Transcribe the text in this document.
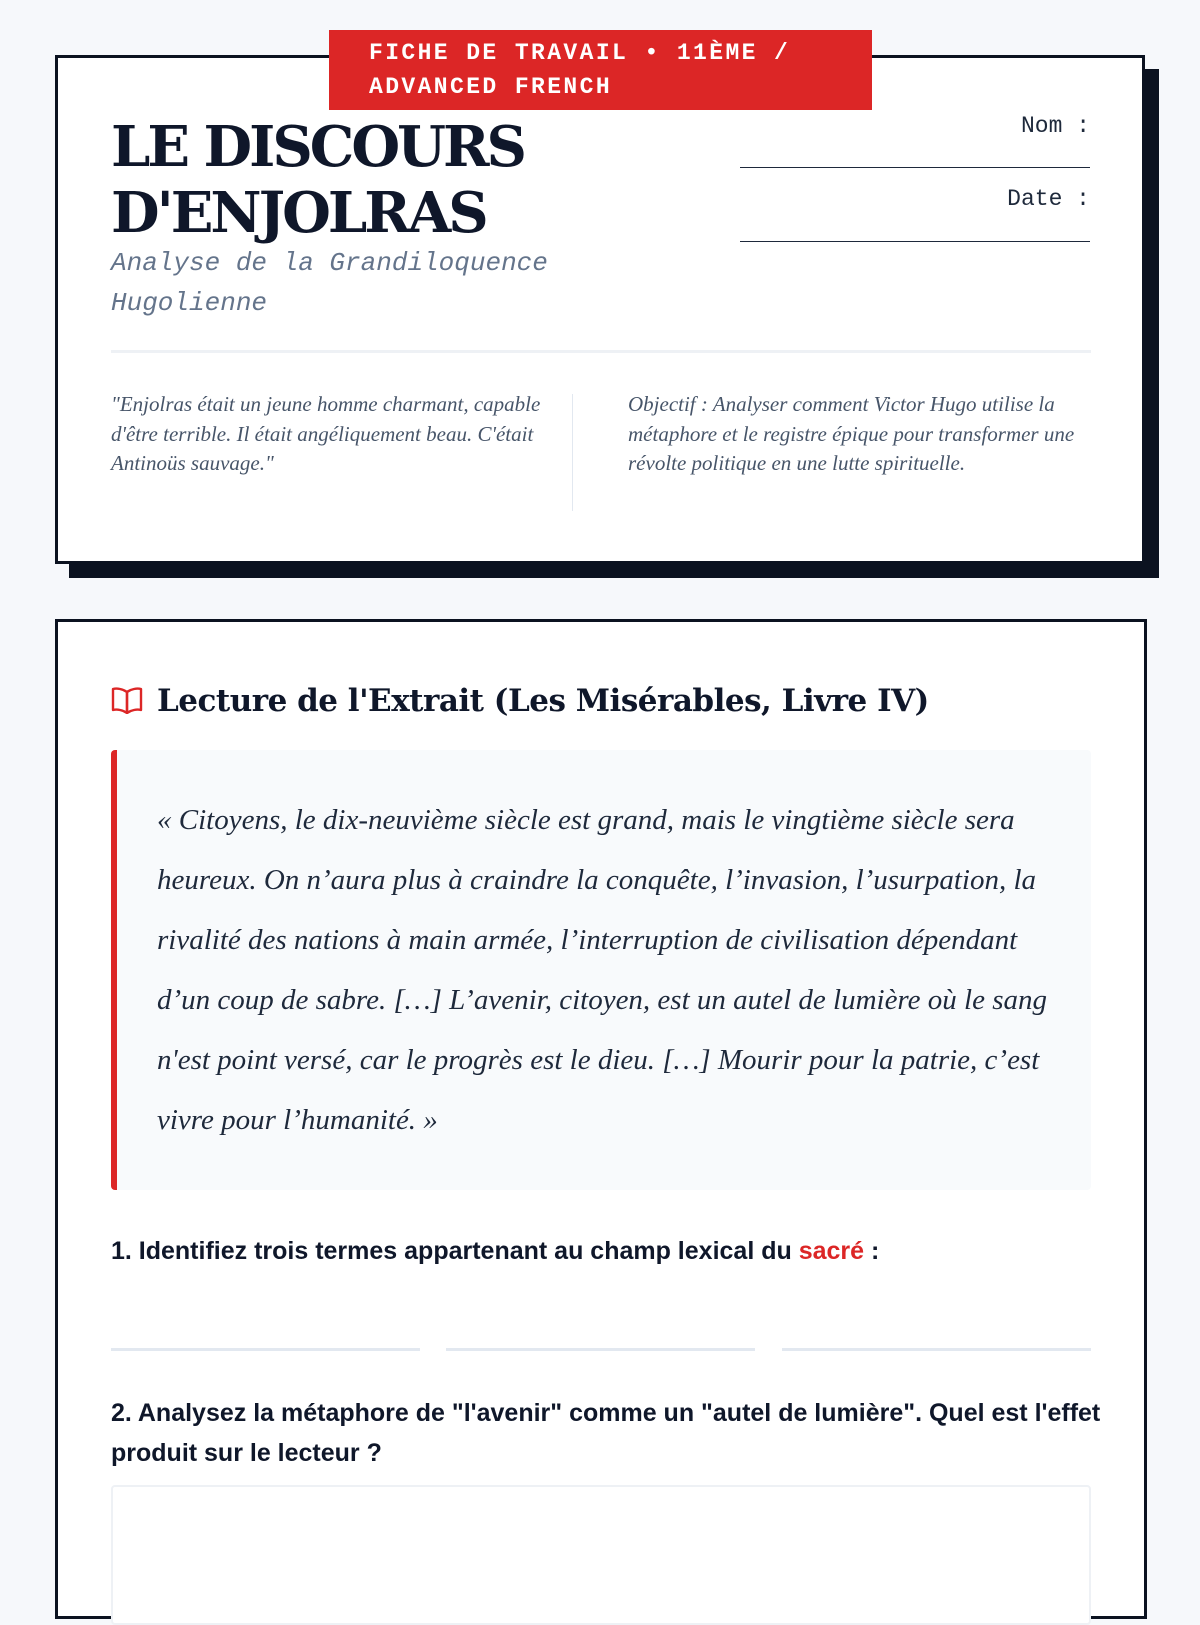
FICHE DE TRAVAIL • 11ÈME / ADVANCED FRENCH
LE DISCOURS D'ENJOLRAS

Analyse de la Grandiloquence Hugolienne

Nom :
Date :

"Enjolras était un jeune homme charmant, capable d'être terrible. Il était angéliquement beau. C'était Antinoüs sauvage."

Objectif : Analyser comment Victor Hugo utilise la métaphore et le registre épique pour transformer une révolte politique en une lutte spirituelle.

Lecture de l'Extrait (Les Misérables, Livre IV)

« Citoyens, le dix-neuvième siècle est grand, mais le vingtième siècle sera heureux. On n’aura plus à craindre la conquête, l’invasion, l’usurpation, la rivalité des nations à main armée, l’interruption de civilisation dépendant d’un coup de sabre. […] L’avenir, citoyen, est un autel de lumière où le sang n'est point versé, car le progrès est le dieu. […] Mourir pour la patrie, c’est vivre pour l’humanité. »

1. Identifiez trois termes appartenant au champ lexical du sacré :

2. Analysez la métaphore de "l'avenir" comme un "autel de lumière". Quel est l'effet produit sur le lecteur ?
